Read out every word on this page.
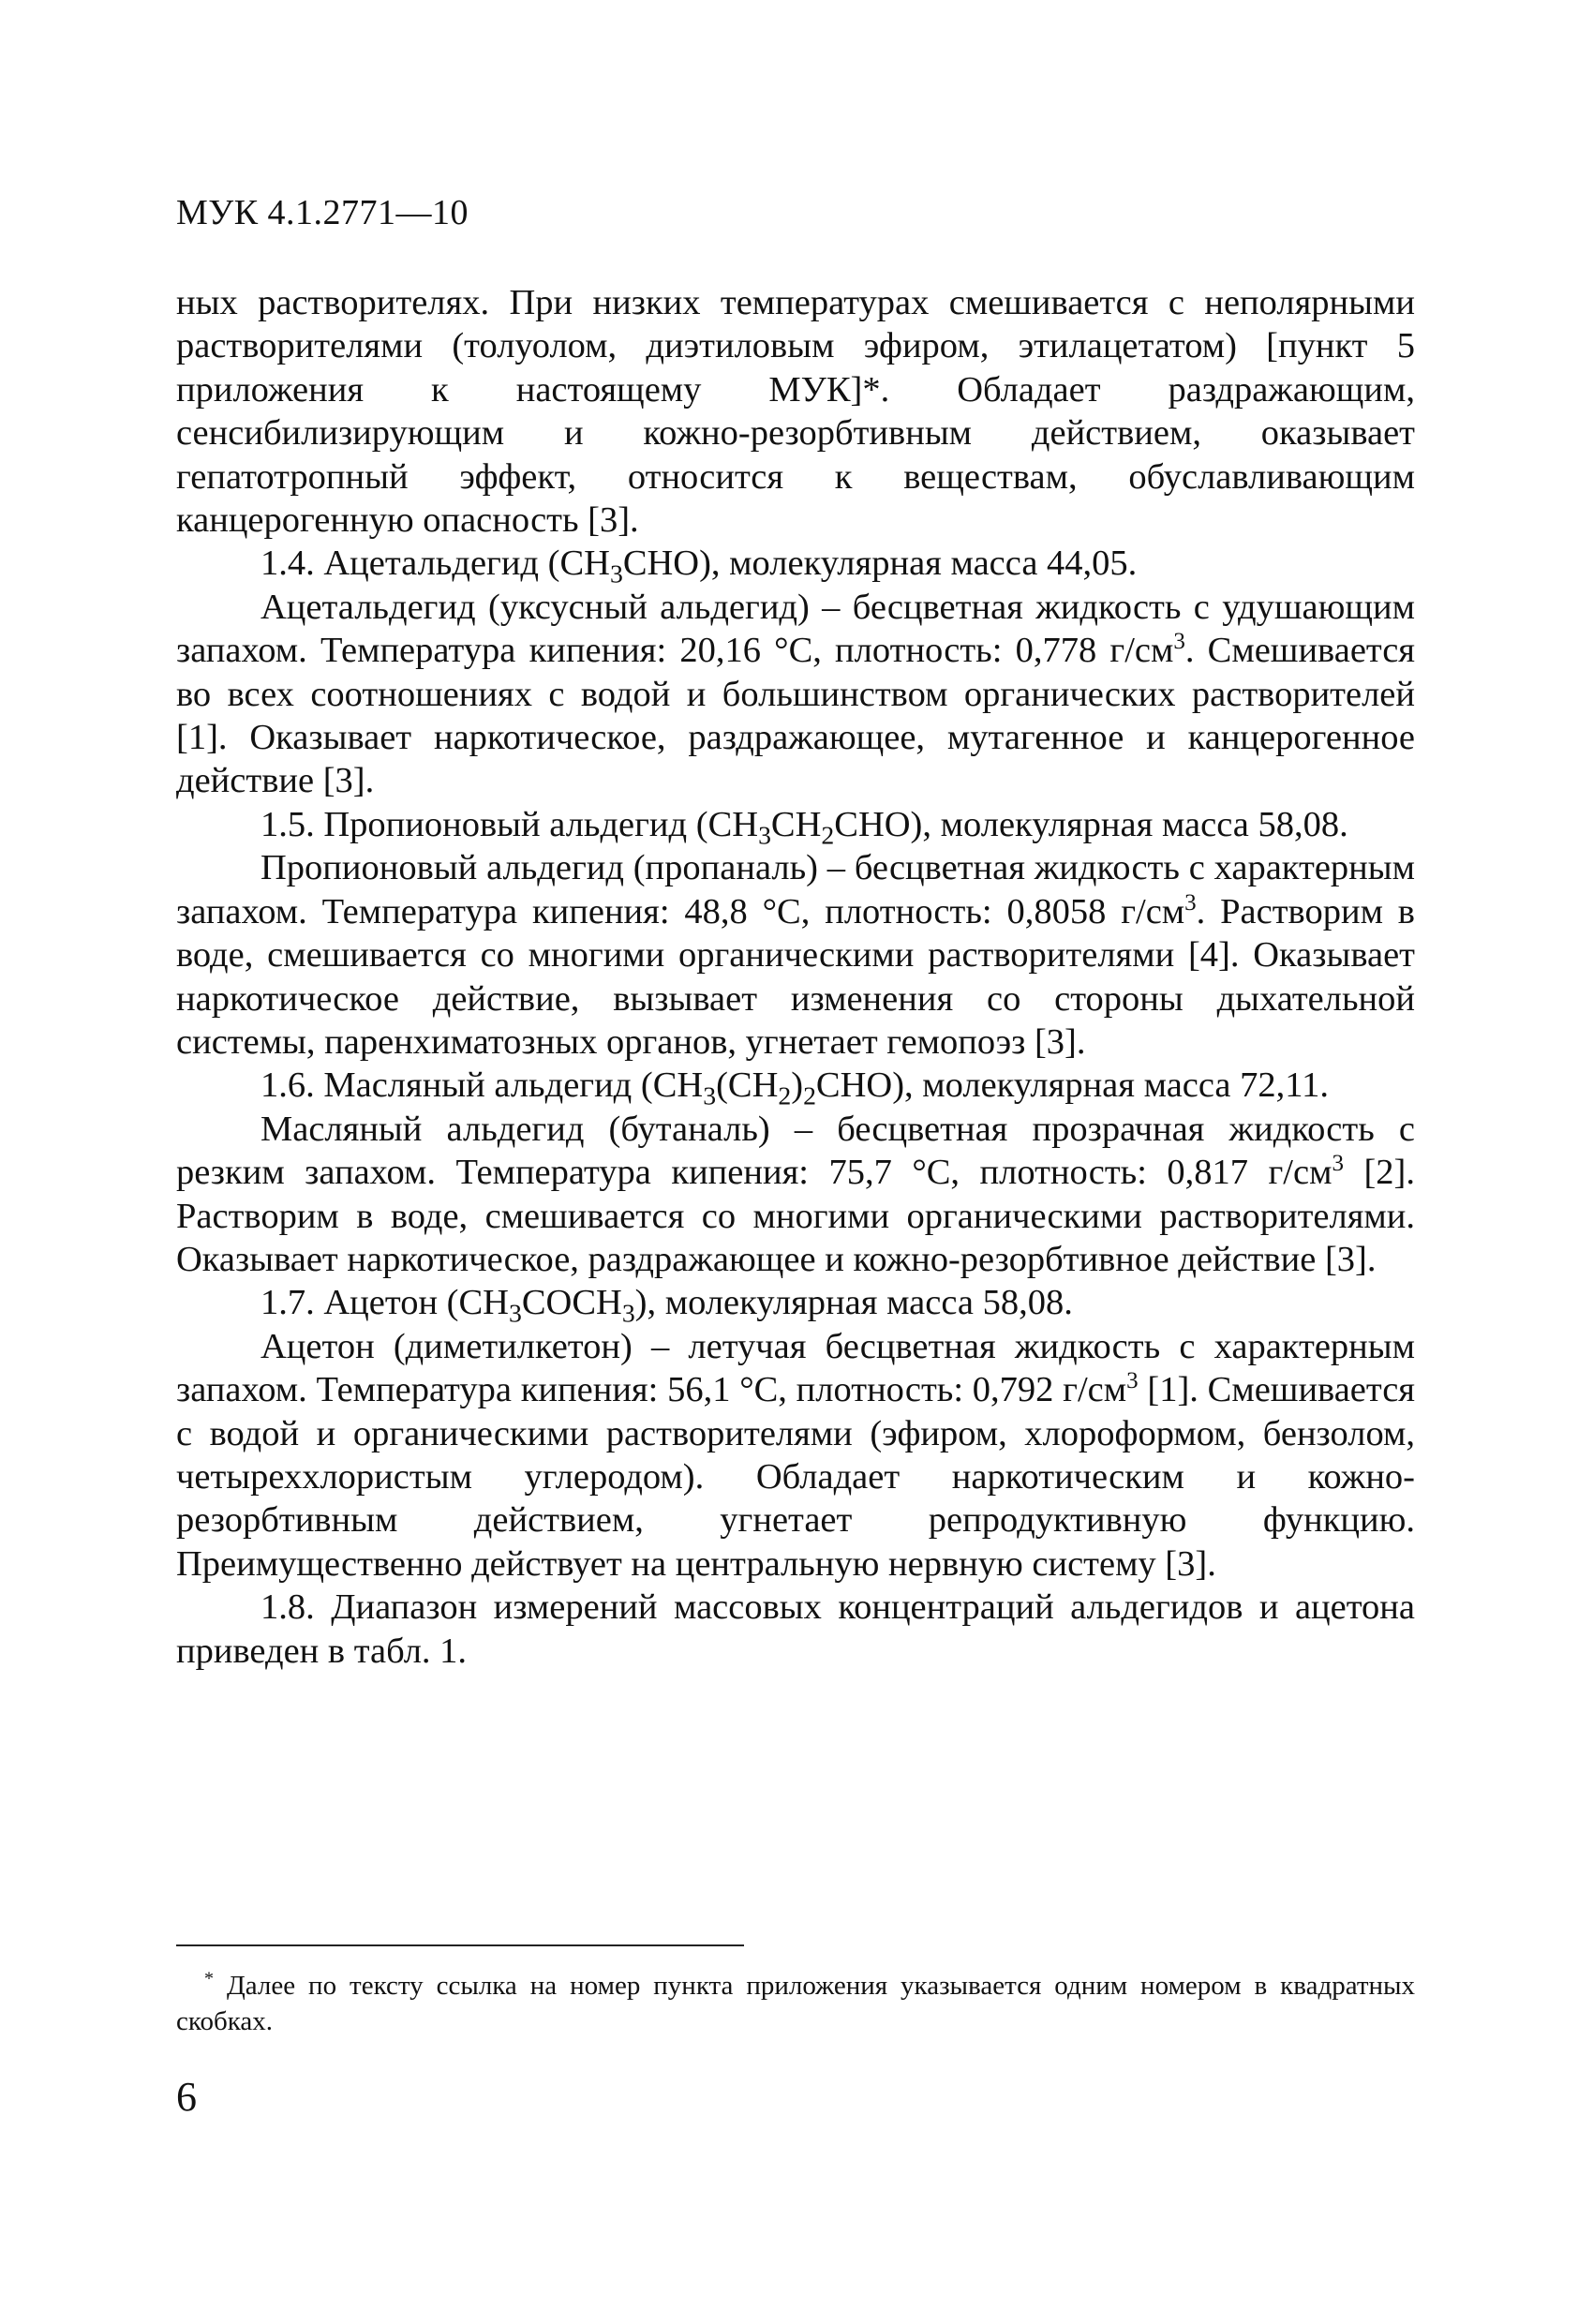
МУК 4.1.2771—10

ных растворителях. При низких температурах смешивается с неполярными растворителями (толуолом, диэтиловым эфиром, этилацетатом) [пункт 5 приложения к настоящему МУК]*. Обладает раздражающим, сенсибилизирующим и кожно-резорбтивным действием, оказывает гепатотропный эффект, относится к веществам, обуславливающим канцерогенную опасность [3].

1.4. Ацетальдегид $(CH_3CHO)$, молекулярная масса 44,05.

Ацетальдегид (уксусный альдегид) – бесцветная жидкость с удушающим запахом. Температура кипения: 20,16 °С, плотность: 0,778 $г/см^3$. Смешивается во всех соотношениях с водой и большинством органических растворителей [1]. Оказывает наркотическое, раздражающее, мутагенное и канцерогенное действие [3].

1.5. Пропионовый альдегид $(CH_3CH_2CHO)$, молекулярная масса 58,08.

Пропионовый альдегид (пропаналь) – бесцветная жидкость с характерным запахом. Температура кипения: 48,8 °С, плотность: 0,8058 $г/см^3$. Растворим в воде, смешивается со многими органическими растворителями [4]. Оказывает наркотическое действие, вызывает изменения со стороны дыхательной системы, паренхиматозных органов, угнетает гемопоэз [3].

1.6. Масляный альдегид $(CH_3(CH_2)_2CHO)$, молекулярная масса 72,11.

Масляный альдегид (бутаналь) – бесцветная прозрачная жидкость с резким запахом. Температура кипения: 75,7 °С, плотность: 0,817 $г/см^3$ [2]. Растворим в воде, смешивается со многими органическими растворителями. Оказывает наркотическое, раздражающее и кожно-резорбтивное действие [3].

1.7. Ацетон $(CH_3COCH_3)$, молекулярная масса 58,08.

Ацетон (диметилкетон) – летучая бесцветная жидкость с характерным запахом. Температура кипения: 56,1 °С, плотность: 0,792 $г/см^3$ [1]. Смешивается с водой и органическими растворителями (эфиром, хлороформом, бензолом, четыреххлористым углеродом). Обладает наркотическим и кожно-резорбтивным действием, угнетает репродуктивную функцию. Преимущественно действует на центральную нервную систему [3].

1.8. Диапазон измерений массовых концентраций альдегидов и ацетона приведен в табл. 1.

* Далее по тексту ссылка на номер пункта приложения указывается одним номером в квадратных скобках.
6
